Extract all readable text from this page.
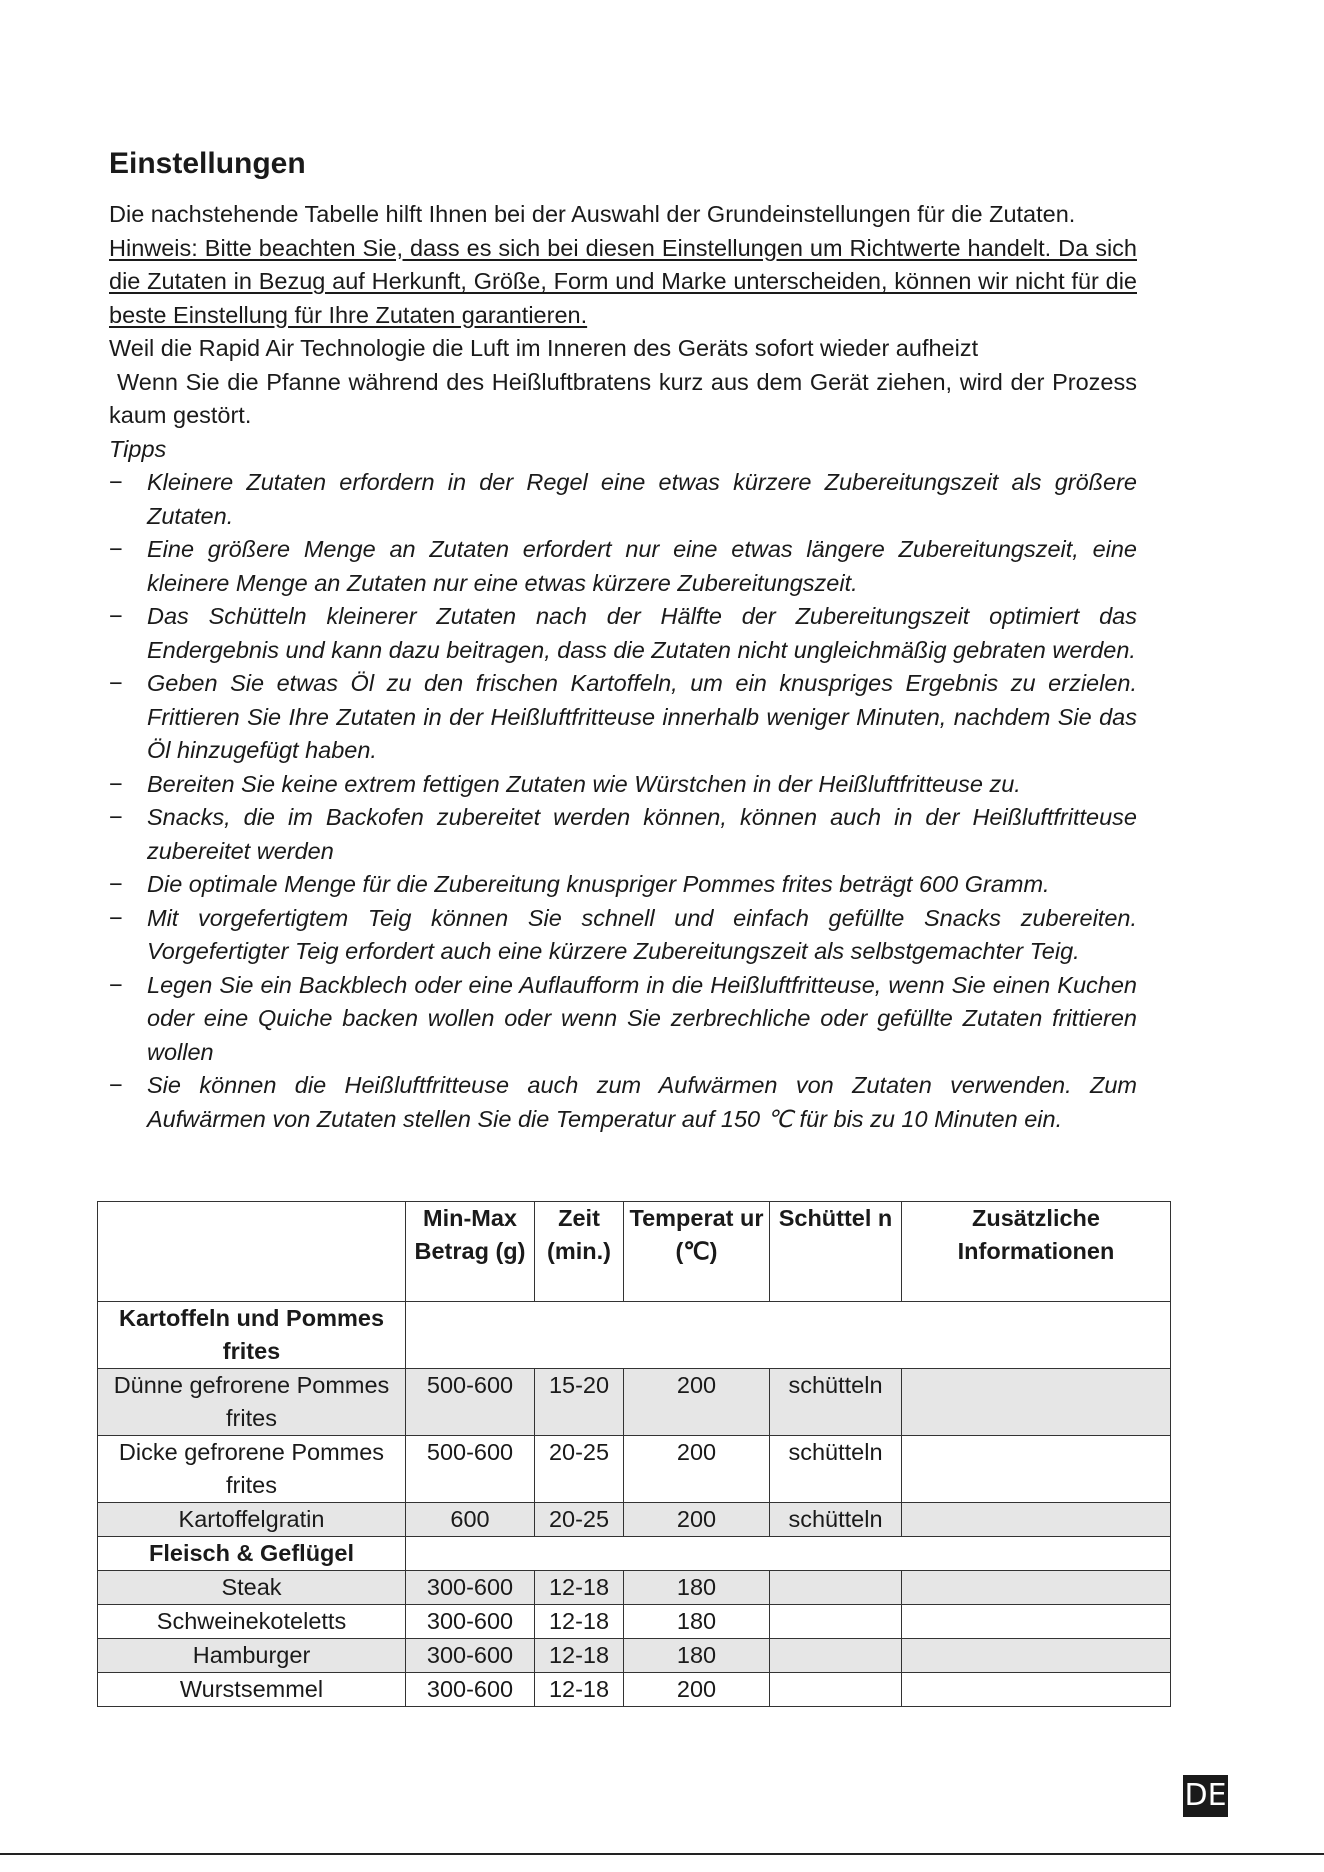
Einstellungen

Die nachstehende Tabelle hilft Ihnen bei der Auswahl der Grundeinstellungen für die Zutaten.

Hinweis: Bitte beachten Sie, dass es sich bei diesen Einstellungen um Richtwerte handelt. Da sich die Zutaten in Bezug auf Herkunft, Größe, Form und Marke unterscheiden, können wir nicht für die beste Einstellung für Ihre Zutaten garantieren.

Weil die Rapid Air Technologie die Luft im Inneren des Geräts sofort wieder aufheizt

Wenn Sie die Pfanne während des Heißluftbratens kurz aus dem Gerät ziehen, wird der Prozess kaum gestört.

Tipps

− Kleinere Zutaten erfordern in der Regel eine etwas kürzere Zubereitungszeit als größere Zutaten.
− Eine größere Menge an Zutaten erfordert nur eine etwas längere Zubereitungszeit, eine kleinere Menge an Zutaten nur eine etwas kürzere Zubereitungszeit.
− Das Schütteln kleinerer Zutaten nach der Hälfte der Zubereitungszeit optimiert das Endergebnis und kann dazu beitragen, dass die Zutaten nicht ungleichmäßig gebraten werden.
− Geben Sie etwas Öl zu den frischen Kartoffeln, um ein knuspriges Ergebnis zu erzielen. Frittieren Sie Ihre Zutaten in der Heißluftfritteuse innerhalb weniger Minuten, nachdem Sie das Öl hinzugefügt haben.
− Bereiten Sie keine extrem fettigen Zutaten wie Würstchen in der Heißluftfritteuse zu.
− Snacks, die im Backofen zubereitet werden können, können auch in der Heißluftfritteuse zubereitet werden
− Die optimale Menge für die Zubereitung knuspriger Pommes frites beträgt 600 Gramm.
− Mit vorgefertigtem Teig können Sie schnell und einfach gefüllte Snacks zubereiten. Vorgefertigter Teig erfordert auch eine kürzere Zubereitungszeit als selbstgemachter Teig.
− Legen Sie ein Backblech oder eine Auflaufform in die Heißluftfritteuse, wenn Sie einen Kuchen oder eine Quiche backen wollen oder wenn Sie zerbrechliche oder gefüllte Zutaten frittieren wollen
− Sie können die Heißluftfritteuse auch zum Aufwärmen von Zutaten verwenden. Zum Aufwärmen von Zutaten stellen Sie die Temperatur auf 150 ℃ für bis zu 10 Minuten ein.
	Min-Max Betrag (g)	Zeit (min.)	Temperat ur (℃)	Schüttel n	Zusätzliche Informationen
Kartoffeln und Pommes frites					
Dünne gefrorene Pommes frites	500-600	15-20	200	schütteln	
Dicke gefrorene Pommes frites	500-600	20-25	200	schütteln	
Kartoffelgratin	600	20-25	200	schütteln	
Fleisch & Geflügel					
Steak	300-600	12-18	180		
Schweinekoteletts	300-600	12-18	180		
Hamburger	300-600	12-18	180		
Wurstsemmel	300-600	12-18	200		
DE
